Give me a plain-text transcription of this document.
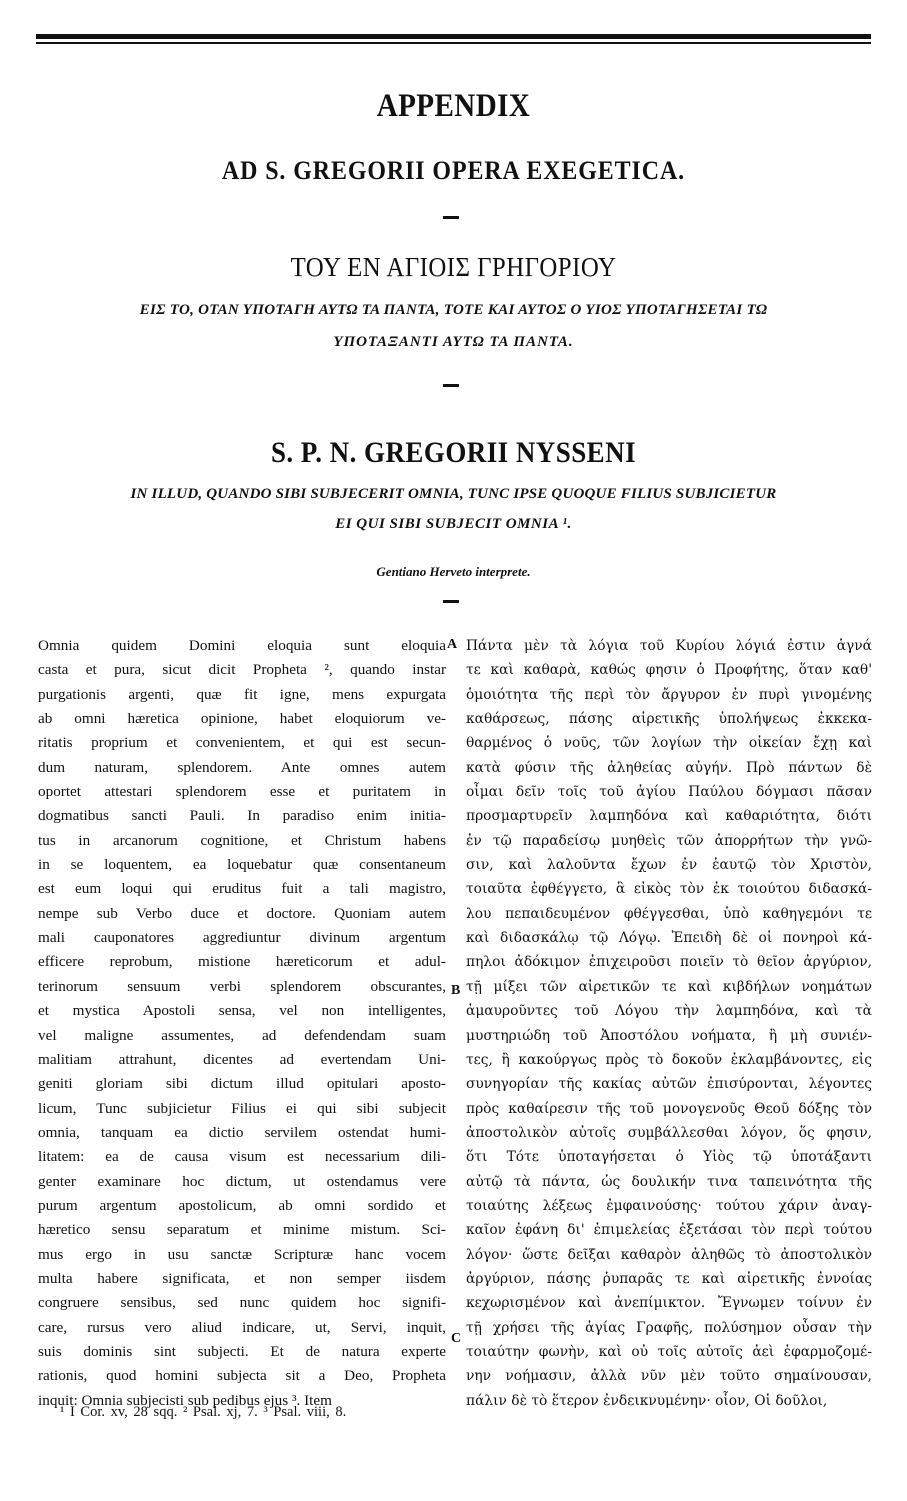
APPENDIX
AD S. GREGORII OPERA EXEGETICA.
ΤΟΥ ΕΝ ΑΓΙΟΙΣ ΓΡΗΓΟΡΙΟΥ
ΕΙΣ ΤΟ, ΟΤΑΝ ΥΠΟΤΑΓΗ ΑΥΤΩ ΤΑ ΠΑΝΤΑ, ΤΟΤΕ ΚΑΙ ΑΥΤΟΣ Ο ΥΙΟΣ ΥΠΟΤΑΓΗΣΕΤΑΙ ΤΩ
ΥΠΟΤΑΞΑΝΤΙ ΑΥΤΩ ΤΑ ΠΑΝΤΑ.
S. P. N. GREGORII NYSSENI
IN ILLUD, QUANDO SIBI SUBJECERIT OMNIA, TUNC IPSE QUOQUE FILIUS SUBJICIETUR
EI QUI SIBI SUBJECIT OMNIA ¹.
Gentiano Herveto interprete.
Omnia quidem Domini eloquia sunt eloquia
casta et pura, sicut dicit Propheta ², quando instar
purgationis argenti, quæ fit igne, mens expurgata
ab omni hæretica opinione, habet eloquiorum ve-
ritatis proprium et convenientem, et qui est secun-
dum naturam, splendorem. Ante omnes autem
oportet attestari splendorem esse et puritatem in
dogmatibus sancti Pauli. In paradiso enim initia-
tus in arcanorum cognitione, et Christum habens
in se loquentem, ea loquebatur quæ consentaneum
est eum loqui qui eruditus fuit a tali magistro,
nempe sub Verbo duce et doctore. Quoniam autem
mali cauponatores aggrediuntur divinum argentum
efficere reprobum, mistione hæreticorum et adul-
terinorum sensuum verbi splendorem obscurantes,
et mystica Apostoli sensa, vel non intelligentes,
vel maligne assumentes, ad defendendam suam
malitiam attrahunt, dicentes ad evertendam Uni-
geniti gloriam sibi dictum illud opitulari aposto-
licum, Tunc subjicietur Filius ei qui sibi subjecit
omnia, tanquam ea dictio servilem ostendat humi-
litatem: ea de causa visum est necessarium dili-
genter examinare hoc dictum, ut ostendamus vere
purum argentum apostolicum, ab omni sordido et
hæretico sensu separatum et minime mistum. Sci-
mus ergo in usu sanctæ Scripturæ hanc vocem
multa habere significata, et non semper iisdem
congruere sensibus, sed nunc quidem hoc signifi-
care, rursus vero aliud indicare, ut, Servi, inquit,
suis dominis sint subjecti. Et de natura experte
rationis, quod homini subjecta sit a Deo, Propheta
inquit: Omnia subjecisti sub pedibus ejus ³. Item
Πάντα μὲν τὰ λόγια τοῦ Κυρίου λόγιά ἐστιν ἁγνά
τε καὶ καθαρὰ, καθώς φησιν ὁ Προφήτης, ὅταν καθ'
ὁμοιότητα τῆς περὶ τὸν ἄργυρον ἐν πυρὶ γινομένης
καθάρσεως, πάσης αἱρετικῆς ὑπολήψεως ἐκκεκα-
θαρμένος ὁ νοῦς, τῶν λογίων τὴν οἰκείαν ἔχῃ καὶ
κατὰ φύσιν τῆς ἀληθείας αὐγήν. Πρὸ πάντων δὲ
οἶμαι δεῖν τοῖς τοῦ ἁγίου Παύλου δόγμασι πᾶσαν
προσμαρτυρεῖν λαμπηδόνα καὶ καθαριότητα, διότι
ἐν τῷ παραδείσῳ μυηθεὶς τῶν ἀπορρήτων τὴν γνῶ-
σιν, καὶ λαλοῦντα ἔχων ἐν ἑαυτῷ τὸν Χριστὸν,
τοιαῦτα ἐφθέγγετο, ἃ εἰκὸς τὸν ἐκ τοιούτου διδασκά-
λου πεπαιδευμένον φθέγγεσθαι, ὑπὸ καθηγεμόνι τε
καὶ διδασκάλῳ τῷ Λόγῳ. Ἐπειδὴ δὲ οἱ πονηροὶ κά-
πηλοι ἀδόκιμον ἐπιχειροῦσι ποιεῖν τὸ θεῖον ἀργύριον,
τῇ μίξει τῶν αἱρετικῶν τε καὶ κιβδήλων νοημάτων
ἀμαυροῦντες τοῦ Λόγου τὴν λαμπηδόνα, καὶ τὰ
μυστηριώδη τοῦ Ἀποστόλου νοήματα, ἢ μὴ συνιέν-
τες, ἢ κακούργως πρὸς τὸ δοκοῦν ἐκλαμβάνοντες, εἰς
συνηγορίαν τῆς κακίας αὐτῶν ἐπισύρονται, λέγοντες
πρὸς καθαίρεσιν τῆς τοῦ μονογενοῦς Θεοῦ δόξης τὸν
ἀποστολικὸν αὐτοῖς συμβάλλεσθαι λόγον, ὅς φησιν,
ὅτι Τότε ὑποταγήσεται ὁ Υἱὸς τῷ ὑποτάξαντι
αὐτῷ τὰ πάντα, ὡς δουλικήν τινα ταπεινότητα τῆς
τοιαύτης λέξεως ἐμφαινούσης· τούτου χάριν ἀναγ-
καῖον ἐφάνη δι' ἐπιμελείας ἐξετάσαι τὸν περὶ τούτου
λόγον· ὥστε δεῖξαι καθαρὸν ἀληθῶς τὸ ἀποστολικὸν
ἀργύριον, πάσης ῥυπαρᾶς τε καὶ αἱρετικῆς ἐννοίας
κεχωρισμένον καὶ ἀνεπίμικτον. Ἔγνωμεν τοίνυν ἐν
τῇ χρήσει τῆς ἁγίας Γραφῆς, πολύσημον οὖσαν τὴν
τοιαύτην φωνὴν, καὶ οὐ τοῖς αὐτοῖς ἀεὶ ἐφαρμοζομέ-
νην νοήμασιν, ἀλλὰ νῦν μὲν τοῦτο σημαίνουσαν,
πάλιν δὲ τὸ ἕτερον ἐνδεικνυμένην· οἷον, Οἱ δοῦλοι,
A
B
C
¹ I Cor. xv, 28 sqq. ² Psal. xj, 7. ³ Psal. viii, 8.
